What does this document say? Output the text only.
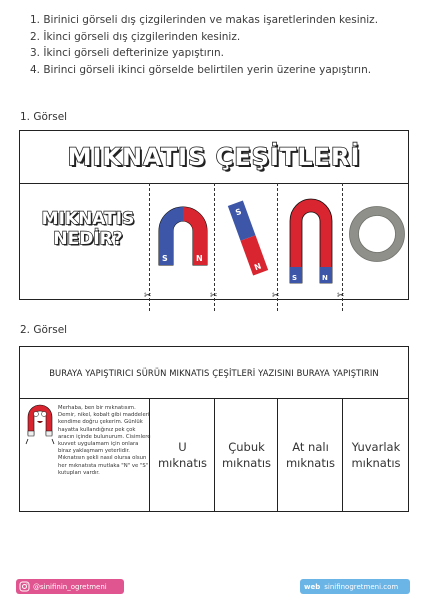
1. Birinici görseli dış çizgilerinden ve makas işaretlerinden kesiniz.
2. İkinci görseli dış çizgilerinden kesiniz.
3. İkinci görseli defterinize yapıştırın.
4. Birinci görseli ikinci görselde belirtilen yerin üzerine yapıştırın.
1. Görsel
MIKNATIS ÇEŞİTLERİ
MIKNATIS
NEDİR?
✂	✂	✂	✂
S	N
S
N
S	N
2. Görsel
BURAYA YAPIŞTIRICI SÜRÜN MIKNATIS ÇEŞİTLERİ YAZISINI BURAYA YAPIŞTIRIN
Merhaba, ben bir mıknatısım. Demir, nikel, kobalt gibi maddeleri kendime doğru çekerim. Günlük hayatta kullandığınız pek çok aracın içinde bulunurum. Cisimlere kuvvet uygulamam için onlara biraz yaklaşmam yeterlidir. Mıknatısın şekli nasıl olursa olsun her mıknatısta mutlaka "N" ve "S" kutupları vardır.
U
mıknatıs
Çubuk
mıknatıs
At nalı
mıknatıs
Yuvarlak
mıknatıs
@sinifinin_ogretmeni	web sinifinogretmeni.com
